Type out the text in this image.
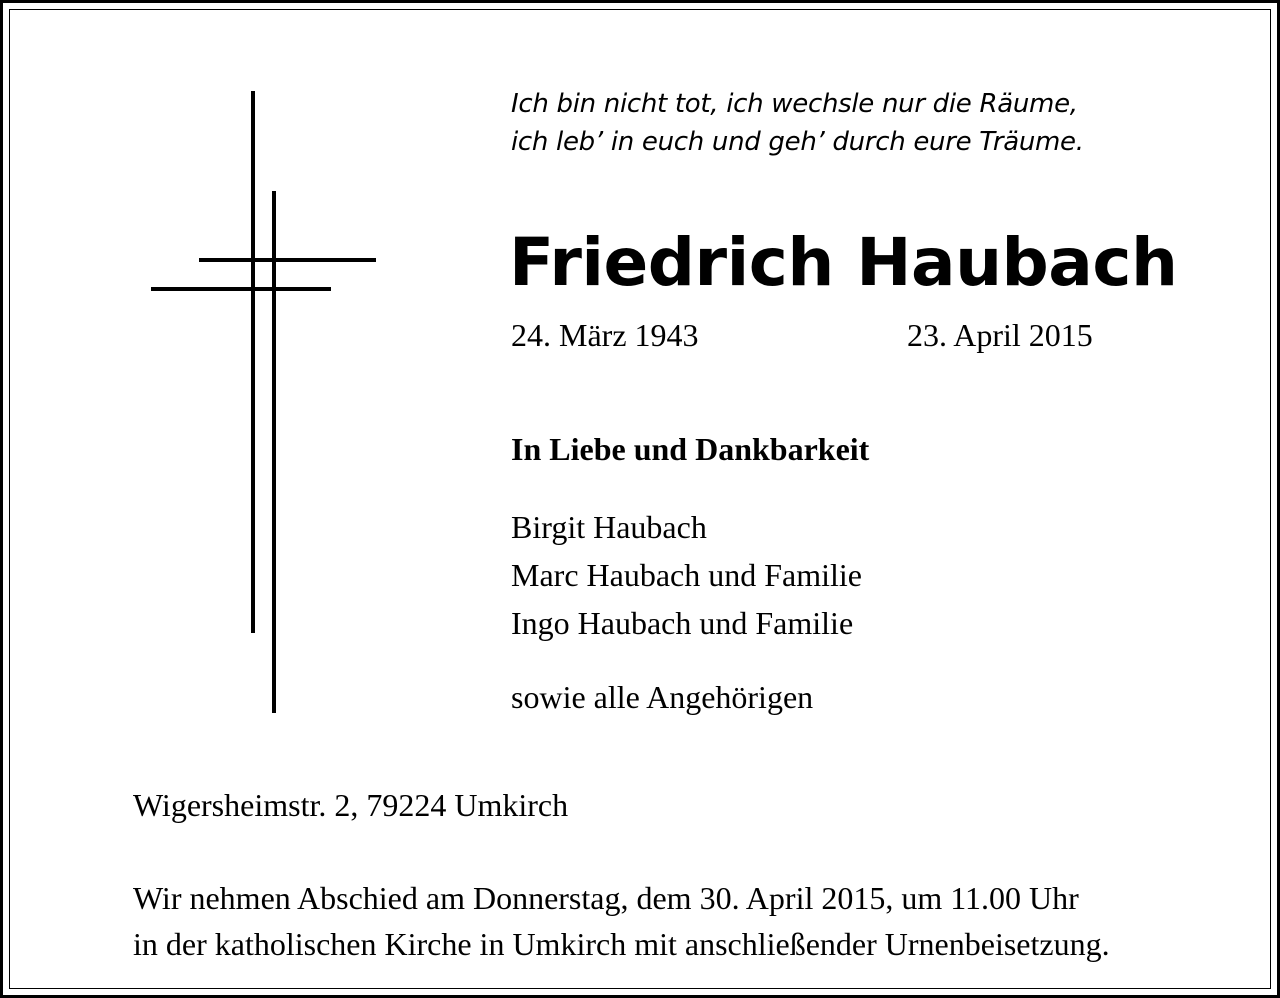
Ich bin nicht tot, ich wechsle nur die Räume,
ich leb’ in euch und geh’ durch eure Träume.
Friedrich Haubach
24. März 1943	23. April 2015
In Liebe und Dankbarkeit
Birgit Haubach
Marc Haubach und Familie
Ingo Haubach und Familie
sowie alle Angehörigen
Wigersheimstr. 2, 79224 Umkirch
Wir nehmen Abschied am Donnerstag, dem 30. April 2015, um 11.00 Uhr
in der katholischen Kirche in Umkirch mit anschließender Urnenbeisetzung.
